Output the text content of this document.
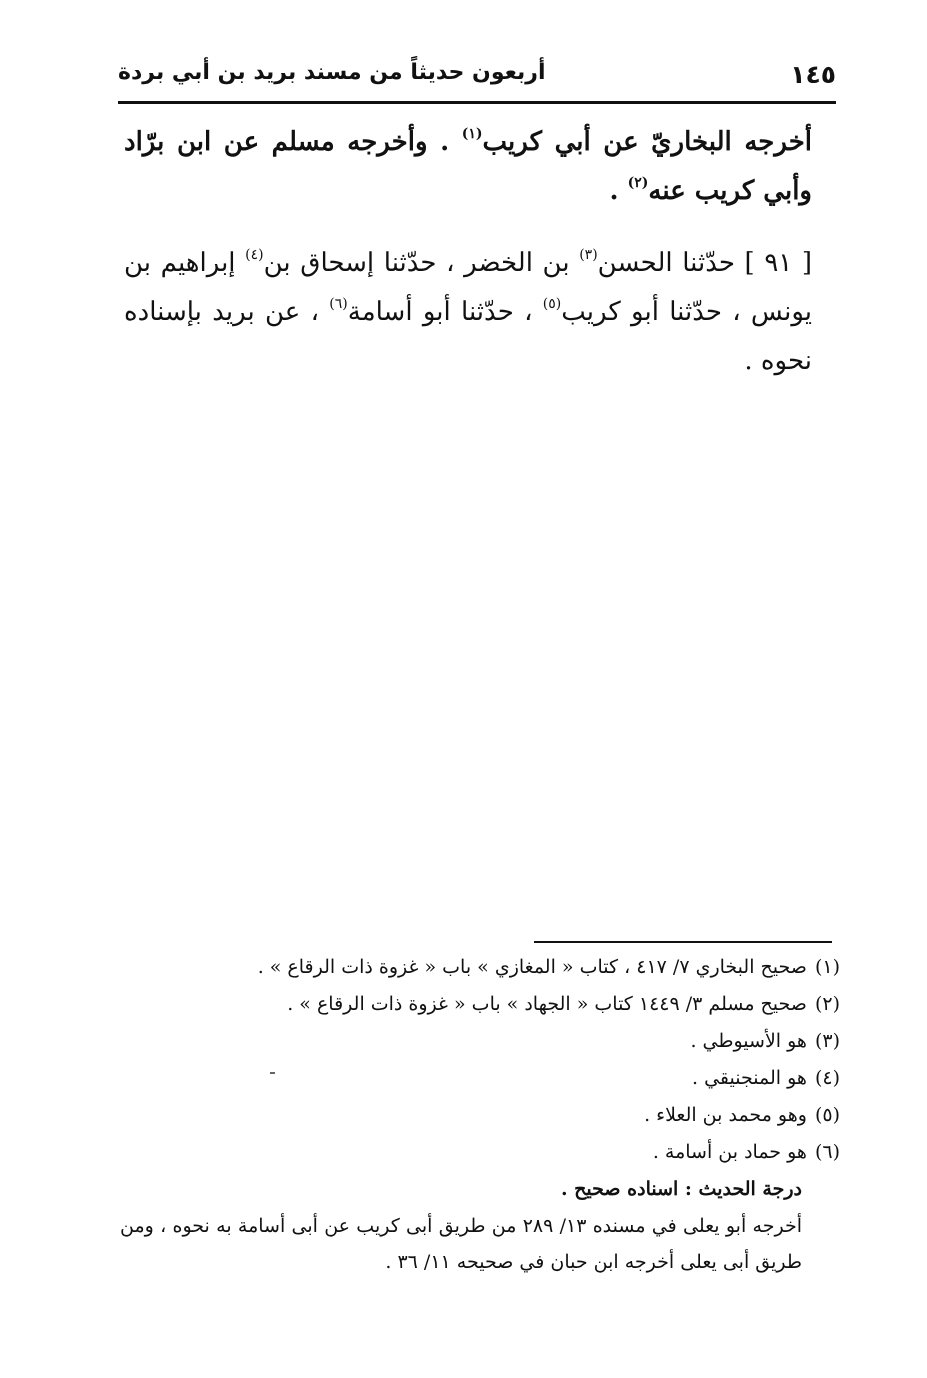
١٤٥
أربعون حديثاً من مسند بريد بن أبي بردة

أخرجه البخاريّ عن أبي كريب$^{(١)}$ . وأخرجه مسلم عن ابن برّاد وأبي كريب عنه$^{(٢)}$ .

[ ٩١ ] حدّثنا الحسن$^{(٣)}$ بن الخضر ، حدّثنا إسحاق بن$^{(٤)}$ إبراهيم بن يونس ، حدّثنا أبو كريب$^{(٥)}$ ، حدّثنا أبو أسامة$^{(٦)}$ ، عن بريد بإسناده نحوه .

(١)صحيح البخاري ٧/ ٤١٧ ، كتاب « المغازي » باب « غزوة ذات الرقاع » .

(٢)صحيح مسلم ٣/ ١٤٤٩ كتاب « الجهاد » باب « غزوة ذات الرقاع » .

(٣)هو الأسيوطي .

(٤)هو المنجنيقي .

(٥)وهو محمد بن العلاء .

(٦)هو حماد بن أسامة .

درجة الحديث : اسناده صحيح .

أخرجه أبو يعلى في مسنده ١٣/ ٢٨٩ من طريق أبى كريب عن أبى أسامة به نحوه ، ومن طريق أبى يعلى أخرجه ابن حبان في صحيحه ١١/ ٣٦ .
